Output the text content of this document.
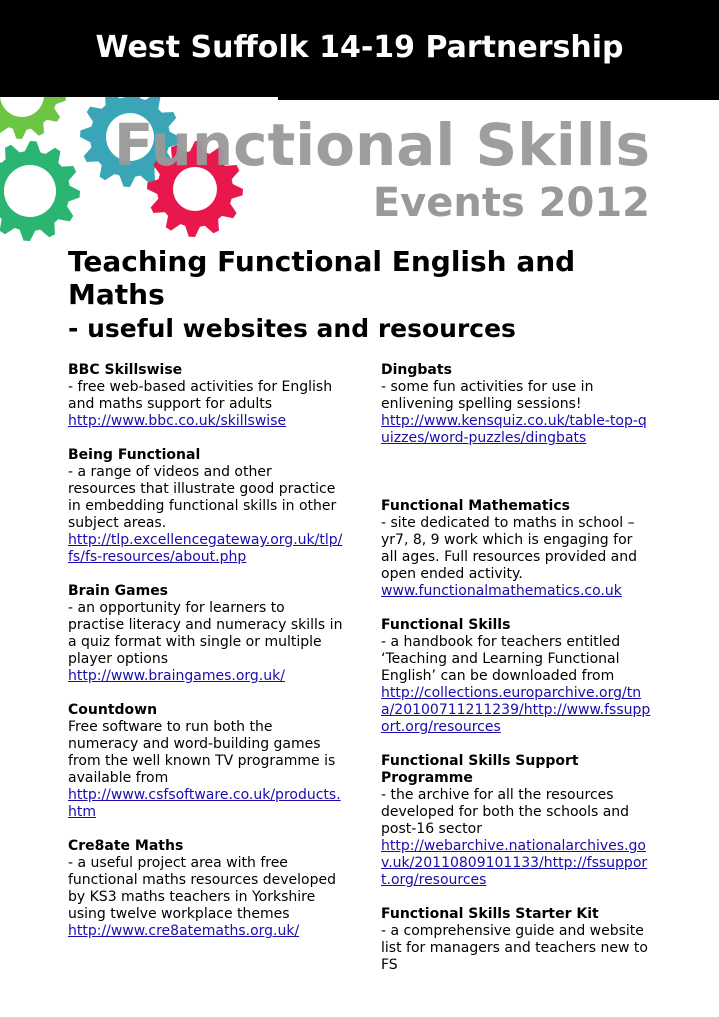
West Suffolk 14-19 Partnership
Functional Skills
Events 2012
Teaching Functional English and Maths
- useful websites and resources
BBC Skillswise

- free web-based activities for English and maths support for adults

http://www.bbc.co.uk/skillswise
Being Functional

- a range of videos and other resources that illustrate good practice in embedding functional skills in other subject areas.

http://tlp.excellencegateway.org.uk/tlp/fs/fs-resources/about.php
Brain Games

- an opportunity for learners to practise literacy and numeracy skills in a quiz format with single or multiple player options

http://www.braingames.org.uk/
Countdown

Free software to run both the numeracy and word-building games from the well known TV programme is available from

http://www.csfsoftware.co.uk/products.htm
Cre8ate Maths

- a useful project area with free functional maths resources developed by KS3 maths teachers in Yorkshire using twelve workplace themes

http://www.cre8atemaths.org.uk/
Dingbats

- some fun activities for use in enlivening spelling sessions!

http://www.kensquiz.co.uk/table-top-quizzes/word-puzzles/dingbats
Functional Mathematics

- site dedicated to maths in school – yr7, 8, 9 work which is engaging for all ages. Full resources provided and open ended activity.

www.functionalmathematics.co.uk
Functional Skills

- a handbook for teachers entitled ‘Teaching and Learning Functional English’ can be downloaded from

http://collections.europarchive.org/tna/20100711211239/http://www.fssupport.org/resources
Functional Skills Support Programme

- the archive for all the resources developed for both the schools and post-16 sector

http://webarchive.nationalarchives.gov.uk/20110809101133/http://fssupport.org/resources
Functional Skills Starter Kit

- a comprehensive guide and website list for managers and teachers new to FS
